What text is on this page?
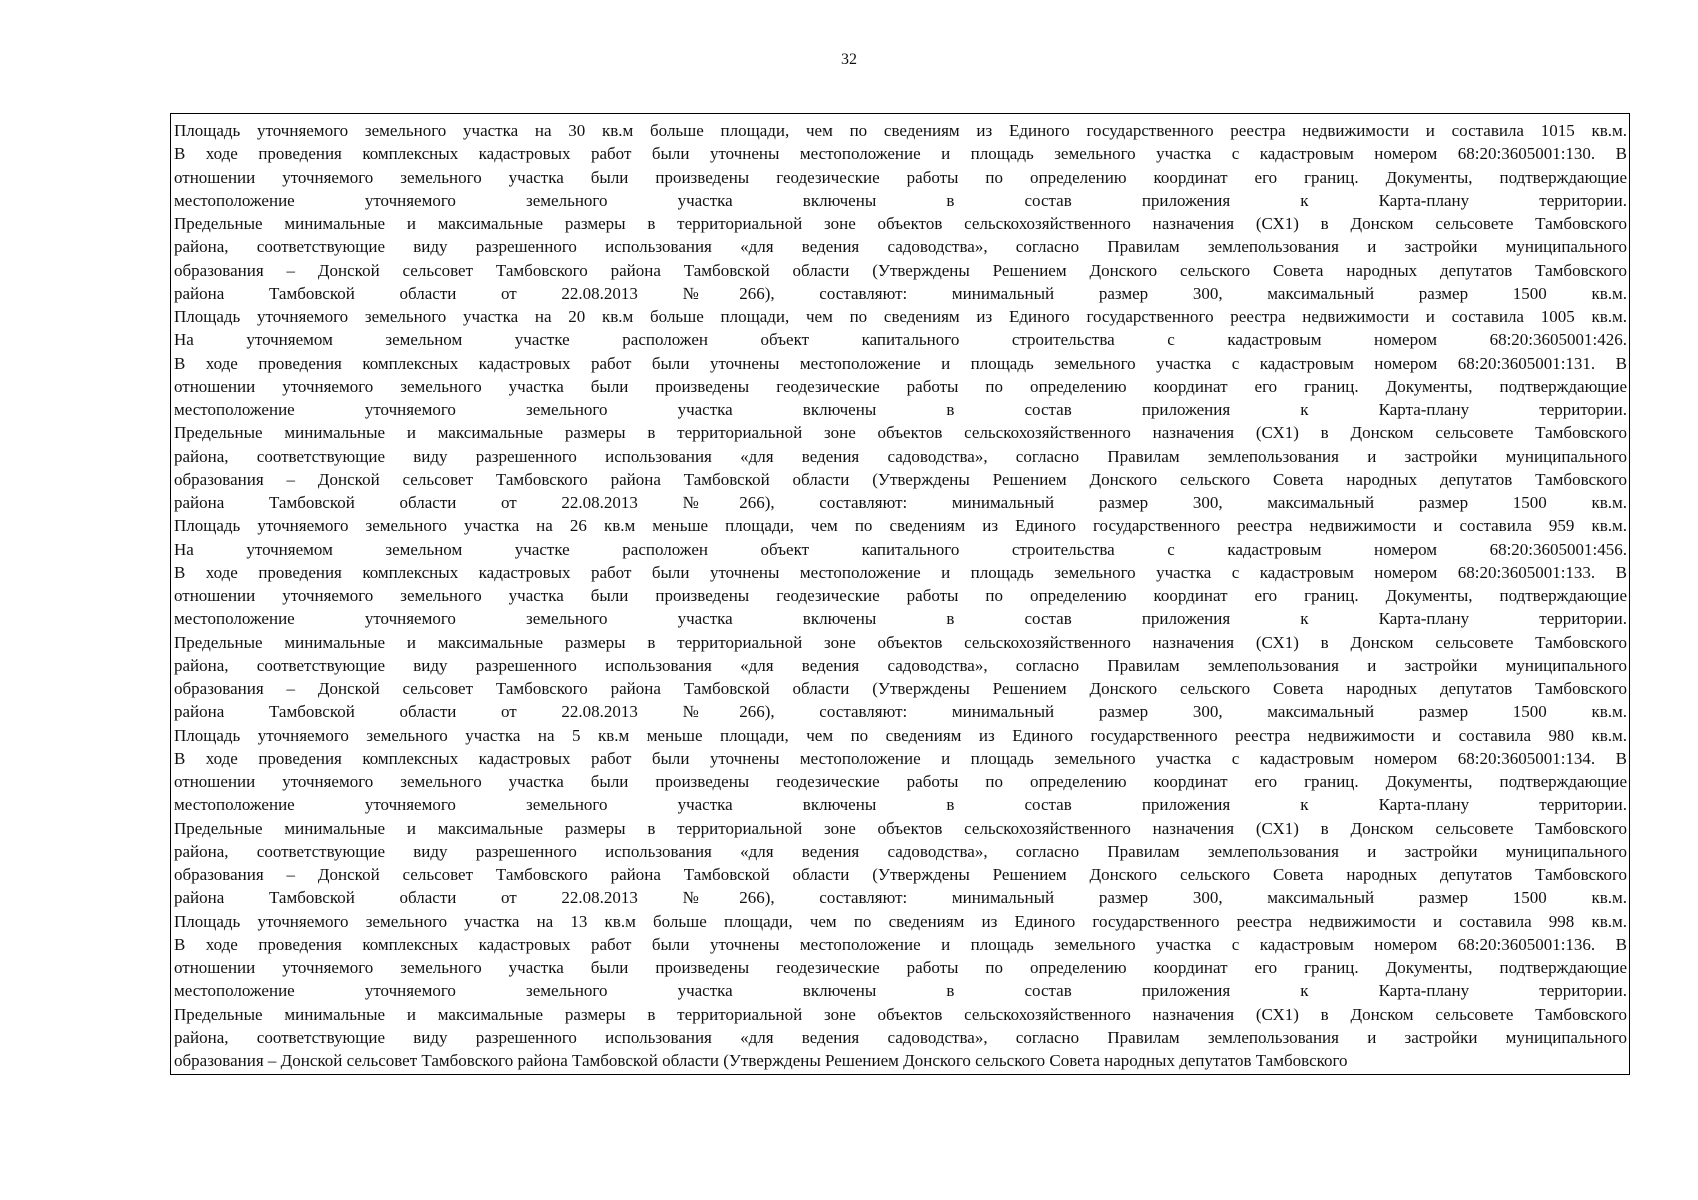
32
Площадь уточняемого земельного участка на 30 кв.м больше площади, чем по сведениям из Единого государственного реестра недвижимости и составила 1015 кв.м.
В ходе проведения комплексных кадастровых работ были уточнены местоположение и площадь земельного участка с кадастровым номером 68:20:3605001:130. В
отношении уточняемого земельного участка были произведены геодезические работы по определению координат его границ. Документы, подтверждающие
местоположение уточняемого земельного участка включены в состав приложения к Карта-плану территории.
Предельные минимальные и максимальные размеры в территориальной зоне объектов сельскохозяйственного назначения (СХ1) в Донском сельсовете Тамбовского
района, соответствующие виду разрешенного использования «для ведения садоводства», согласно Правилам землепользования и застройки муниципального
образования – Донской сельсовет Тамбовского района Тамбовской области (Утверждены Решением Донского сельского Совета народных депутатов Тамбовского
района Тамбовской области от 22.08.2013 №266), составляют: минимальный размер 300, максимальный размер 1500 кв.м.
Площадь уточняемого земельного участка на 20 кв.м больше площади, чем по сведениям из Единого государственного реестра недвижимости и составила 1005 кв.м.
На уточняемом земельном участке расположен объект капитального строительства с кадастровым номером 68:20:3605001:426.
В ходе проведения комплексных кадастровых работ были уточнены местоположение и площадь земельного участка с кадастровым номером 68:20:3605001:131. В
отношении уточняемого земельного участка были произведены геодезические работы по определению координат его границ. Документы, подтверждающие
местоположение уточняемого земельного участка включены в состав приложения к Карта-плану территории.
Предельные минимальные и максимальные размеры в территориальной зоне объектов сельскохозяйственного назначения (СХ1) в Донском сельсовете Тамбовского
района, соответствующие виду разрешенного использования «для ведения садоводства», согласно Правилам землепользования и застройки муниципального
образования – Донской сельсовет Тамбовского района Тамбовской области (Утверждены Решением Донского сельского Совета народных депутатов Тамбовского
района Тамбовской области от 22.08.2013 №266), составляют: минимальный размер 300, максимальный размер 1500 кв.м.
Площадь уточняемого земельного участка на 26 кв.м меньше площади, чем по сведениям из Единого государственного реестра недвижимости и составила 959 кв.м.
На уточняемом земельном участке расположен объект капитального строительства с кадастровым номером 68:20:3605001:456.
В ходе проведения комплексных кадастровых работ были уточнены местоположение и площадь земельного участка с кадастровым номером 68:20:3605001:133. В
отношении уточняемого земельного участка были произведены геодезические работы по определению координат его границ. Документы, подтверждающие
местоположение уточняемого земельного участка включены в состав приложения к Карта-плану территории.
Предельные минимальные и максимальные размеры в территориальной зоне объектов сельскохозяйственного назначения (СХ1) в Донском сельсовете Тамбовского
района, соответствующие виду разрешенного использования «для ведения садоводства», согласно Правилам землепользования и застройки муниципального
образования – Донской сельсовет Тамбовского района Тамбовской области (Утверждены Решением Донского сельского Совета народных депутатов Тамбовского
района Тамбовской области от 22.08.2013 №266), составляют: минимальный размер 300, максимальный размер 1500 кв.м.
Площадь уточняемого земельного участка на 5 кв.м меньше площади, чем по сведениям из Единого государственного реестра недвижимости и составила 980 кв.м.
В ходе проведения комплексных кадастровых работ были уточнены местоположение и площадь земельного участка с кадастровым номером 68:20:3605001:134. В
отношении уточняемого земельного участка были произведены геодезические работы по определению координат его границ. Документы, подтверждающие
местоположение уточняемого земельного участка включены в состав приложения к Карта-плану территории.
Предельные минимальные и максимальные размеры в территориальной зоне объектов сельскохозяйственного назначения (СХ1) в Донском сельсовете Тамбовского
района, соответствующие виду разрешенного использования «для ведения садоводства», согласно Правилам землепользования и застройки муниципального
образования – Донской сельсовет Тамбовского района Тамбовской области (Утверждены Решением Донского сельского Совета народных депутатов Тамбовского
района Тамбовской области от 22.08.2013 №266), составляют: минимальный размер 300, максимальный размер 1500 кв.м.
Площадь уточняемого земельного участка на 13 кв.м больше площади, чем по сведениям из Единого государственного реестра недвижимости и составила 998 кв.м.
В ходе проведения комплексных кадастровых работ были уточнены местоположение и площадь земельного участка с кадастровым номером 68:20:3605001:136. В
отношении уточняемого земельного участка были произведены геодезические работы по определению координат его границ. Документы, подтверждающие
местоположение уточняемого земельного участка включены в состав приложения к Карта-плану территории.
Предельные минимальные и максимальные размеры в территориальной зоне объектов сельскохозяйственного назначения (СХ1) в Донском сельсовете Тамбовского
района, соответствующие виду разрешенного использования «для ведения садоводства», согласно Правилам землепользования и застройки муниципального
образования – Донской сельсовет Тамбовского района Тамбовской области (Утверждены Решением Донского сельского Совета народных депутатов Тамбовского
